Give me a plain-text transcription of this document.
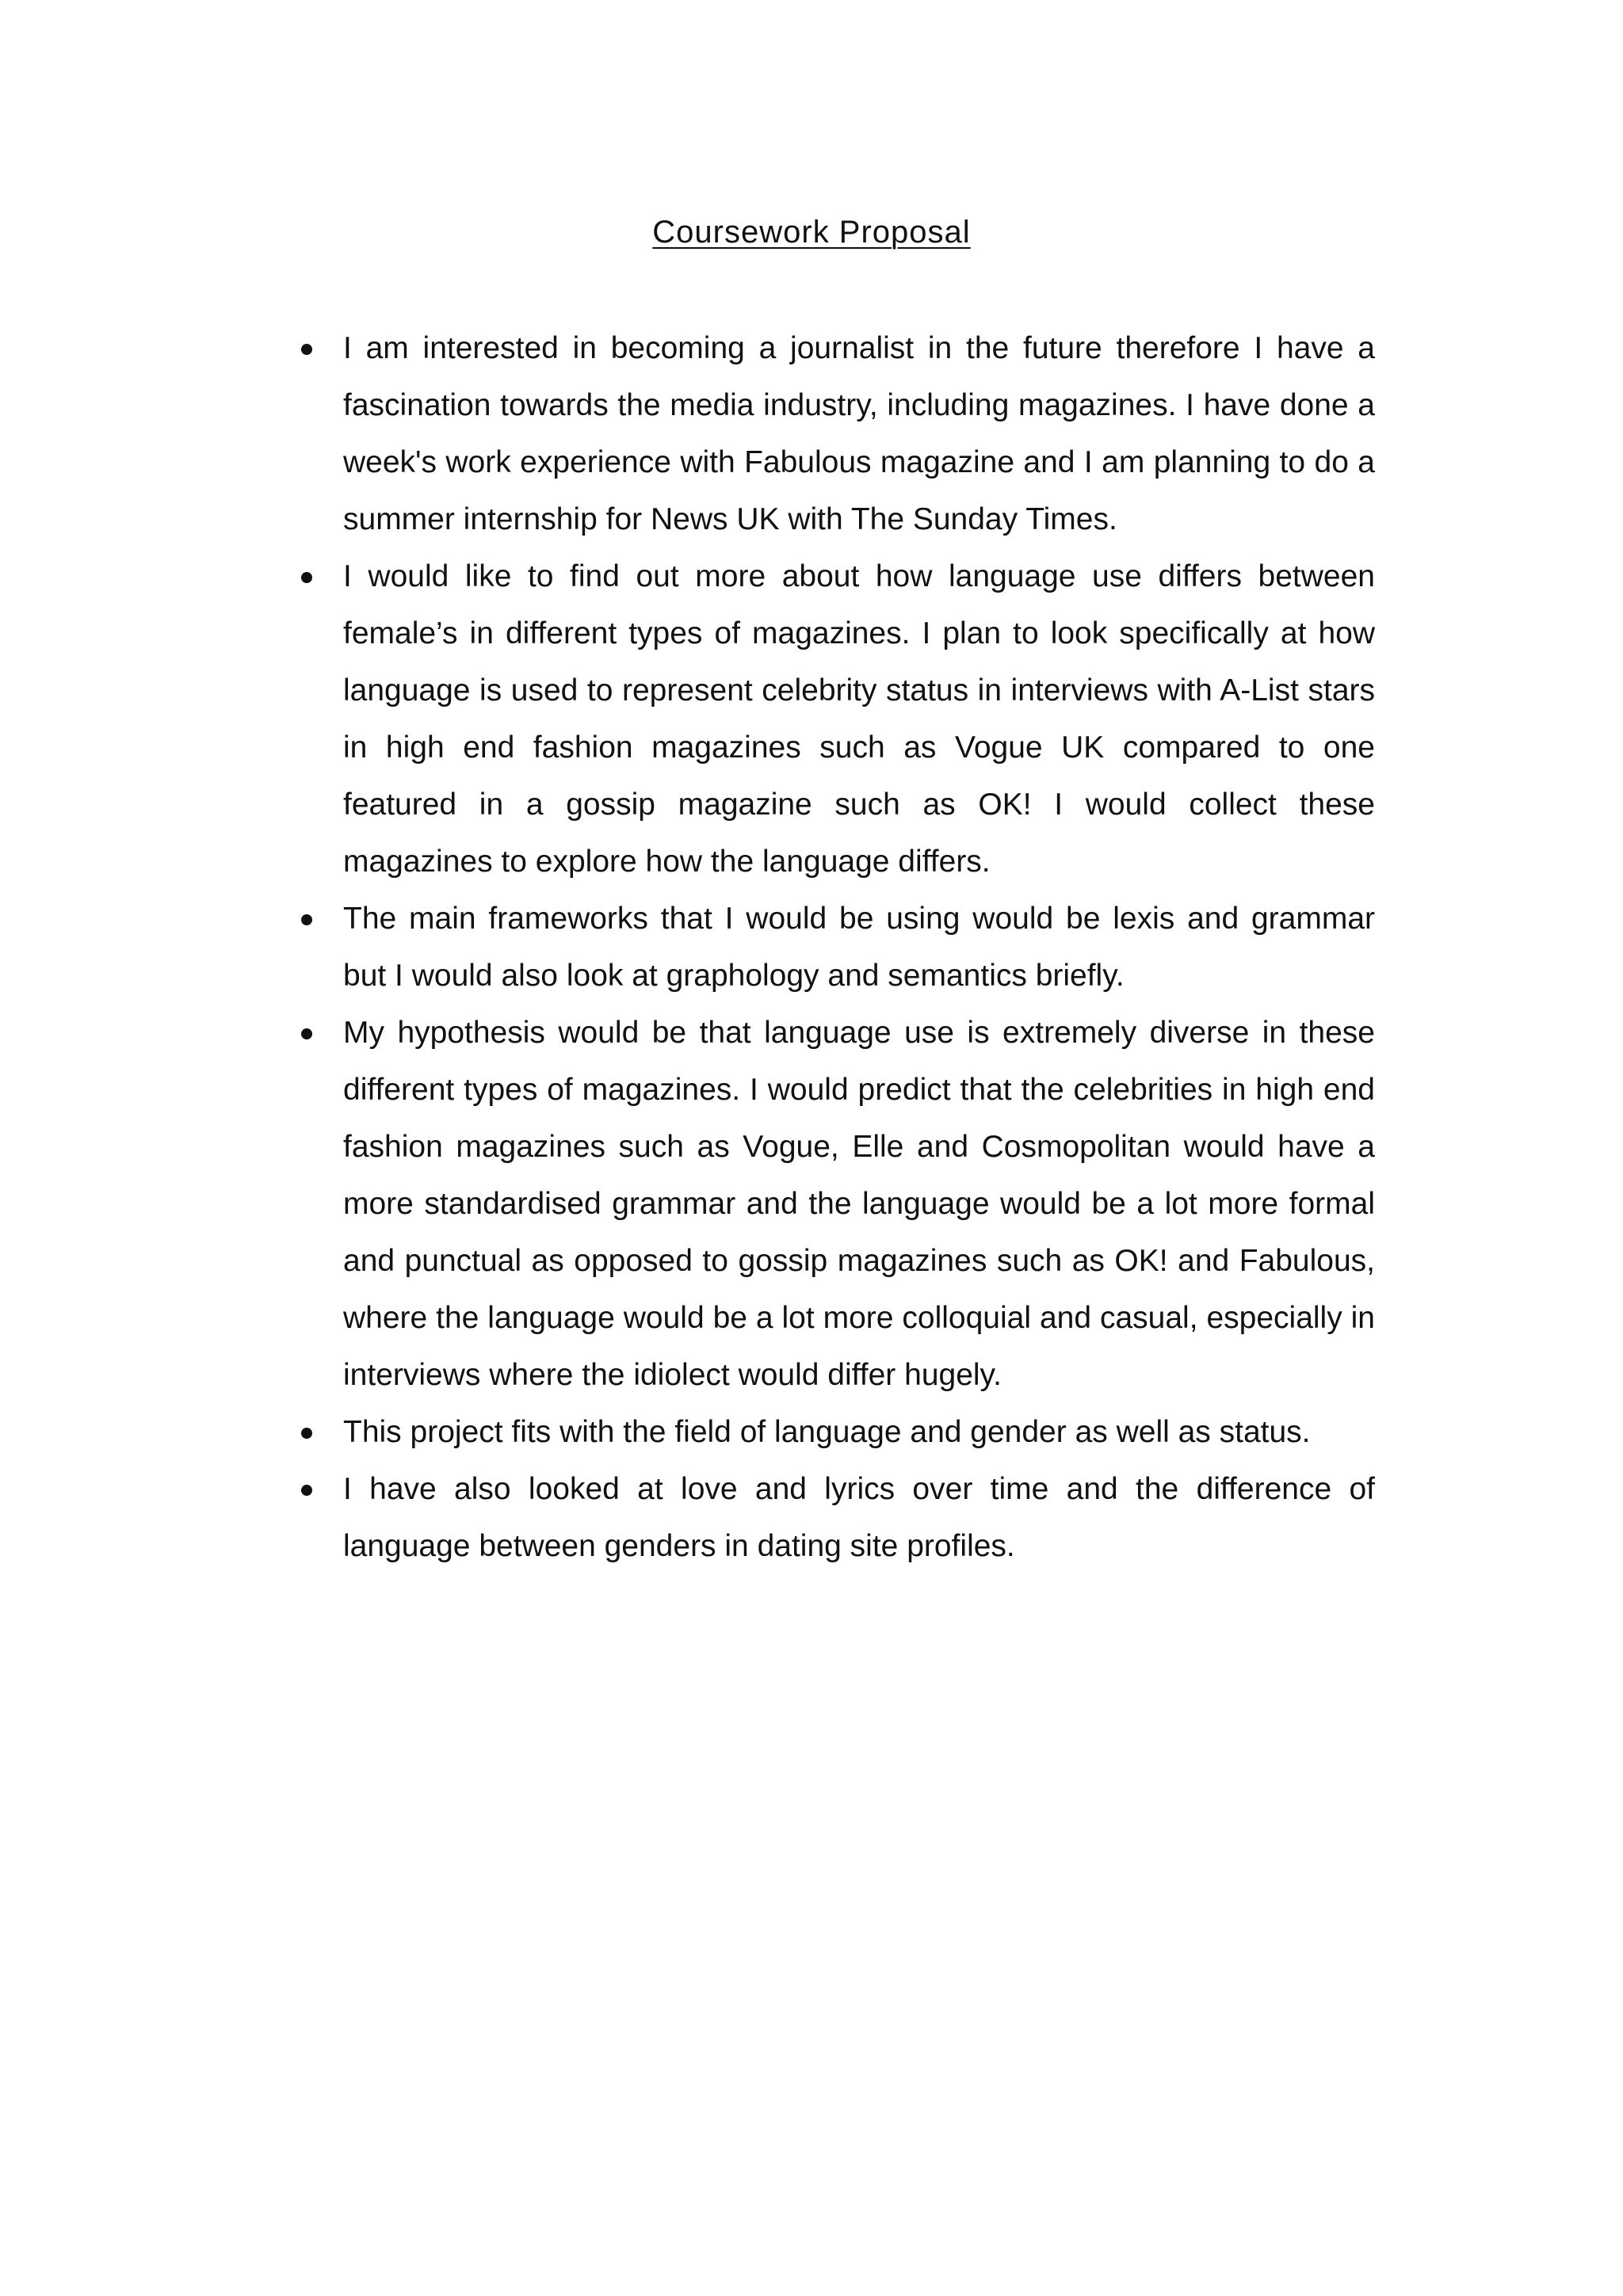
Coursework Proposal
I am interested in becoming a journalist in the future therefore I have a fascination towards the media industry, including magazines. I have done a week's work experience with Fabulous magazine and I am planning to do a summer internship for News UK with The Sunday Times.
I would like to find out more about how language use differs between female’s in different types of magazines. I plan to look specifically at how language is used to represent celebrity status in interviews with A-List stars in high end fashion magazines such as Vogue UK compared to one featured in a gossip magazine such as OK! I would collect these magazines to explore how the language differs.
The main frameworks that I would be using would be lexis and grammar but I would also look at graphology and semantics briefly.
My hypothesis would be that language use is extremely diverse in these different types of magazines. I would predict that the celebrities in high end fashion magazines such as Vogue, Elle and Cosmopolitan would have a more standardised grammar and the language would be a lot more formal and punctual as opposed to gossip magazines such as OK! and Fabulous, where the language would be a lot more colloquial and casual, especially in interviews where the idiolect would differ hugely.
This project fits with the field of language and gender as well as status.
I have also looked at love and lyrics over time and the difference of language between genders in dating site profiles.
